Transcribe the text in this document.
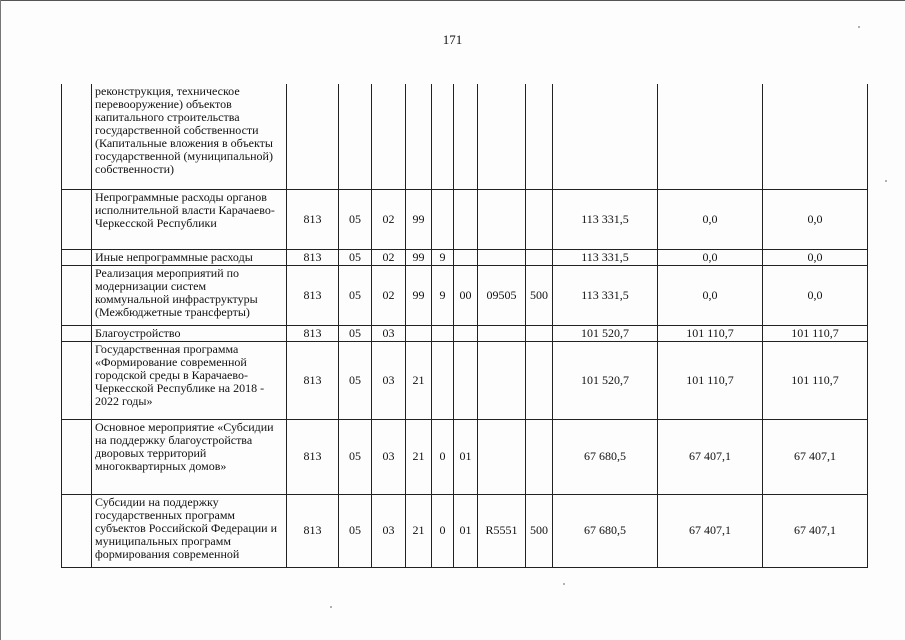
171
	реконструкция, техническое перевооружение) объектов капитального строительства государственной собственности (Капитальные вложения в объекты государственной (муниципальной) собственности)											
	Непрограммные расходы органов исполнительной власти Карачаево-Черкесской Республики	813	05	02	99					113 331,5	0,0	0,0
	Иные непрограммные расходы	813	05	02	99	9				113 331,5	0,0	0,0
	Реализация мероприятий по модернизации систем коммунальной инфраструктуры (Межбюджетные трансферты)	813	05	02	99	9	00	09505	500	113 331,5	0,0	0,0
	Благоустройство	813	05	03						101 520,7	101 110,7	101 110,7
	Государственная программа «Формирование современной городской среды в Карачаево-Черкесской Республике на 2018 - 2022 годы»	813	05	03	21					101 520,7	101 110,7	101 110,7
	Основное мероприятие «Субсидии на поддержку благоустройства дворовых территорий многоквартирных домов»	813	05	03	21	0	01			67 680,5	67 407,1	67 407,1
	Субсидии на поддержку государственных программ субъектов Российской Федерации и муниципальных программ формирования современной	813	05	03	21	0	01	R5551	500	67 680,5	67 407,1	67 407,1
